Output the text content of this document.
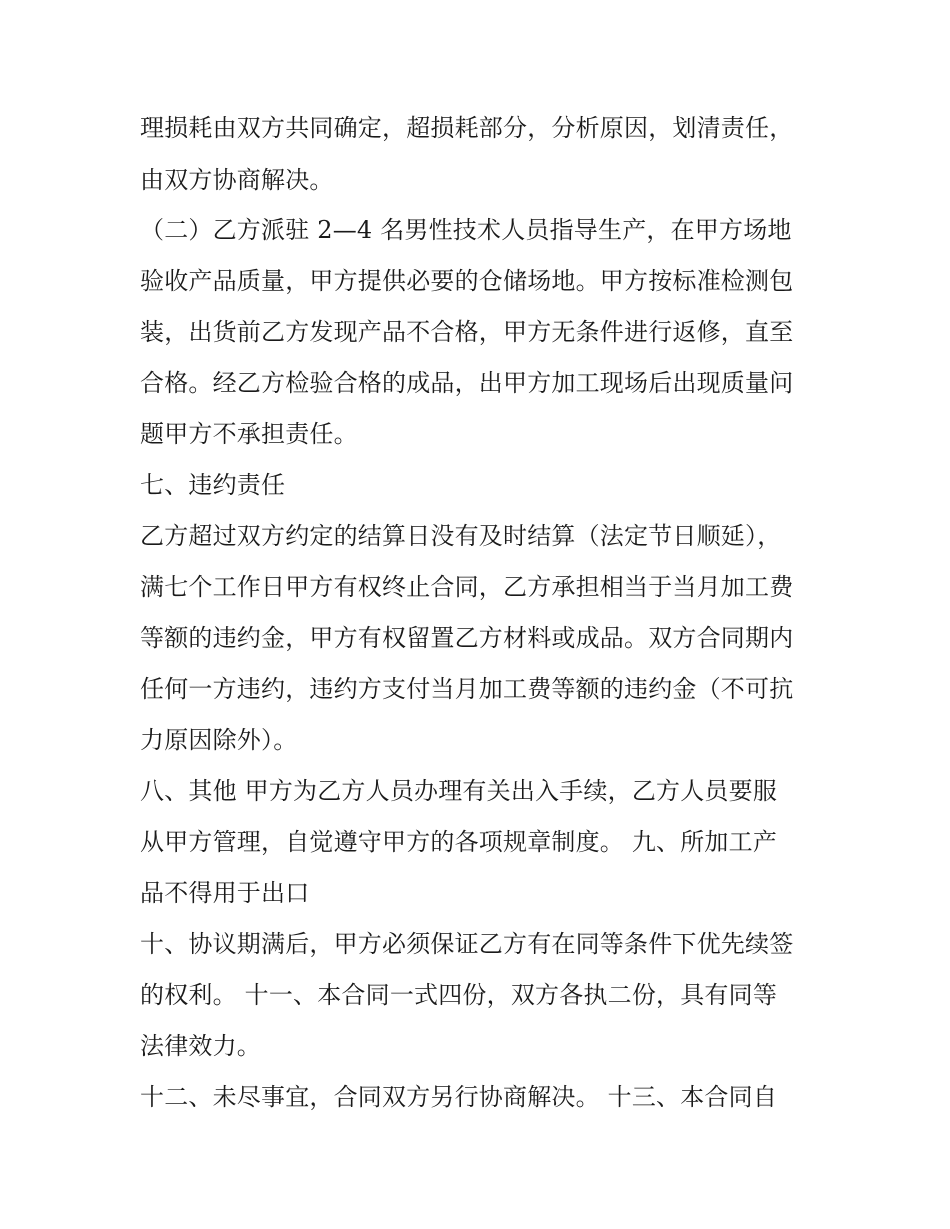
理损耗由双方共同确定，超损耗部分，分析原因，划清责任，
由双方协商解决。
（二）乙方派驻 2—4 名男性技术人员指导生产，在甲方场地
验收产品质量，甲方提供必要的仓储场地。甲方按标准检测包
装，出货前乙方发现产品不合格，甲方无条件进行返修，直至
合格。经乙方检验合格的成品，出甲方加工现场后出现质量问
题甲方不承担责任。
七、违约责任
乙方超过双方约定的结算日没有及时结算（法定节日顺延），
满七个工作日甲方有权终止合同，乙方承担相当于当月加工费
等额的违约金，甲方有权留置乙方材料或成品。双方合同期内
任何一方违约，违约方支付当月加工费等额的违约金（不可抗
力原因除外）。
八、其他 甲方为乙方人员办理有关出入手续，乙方人员要服
从甲方管理，自觉遵守甲方的各项规章制度。 九、所加工产
品不得用于出口
十、协议期满后，甲方必须保证乙方有在同等条件下优先续签
的权利。 十一、本合同一式四份，双方各执二份，具有同等
法律效力。
十二、未尽事宜，合同双方另行协商解决。 十三、本合同自
